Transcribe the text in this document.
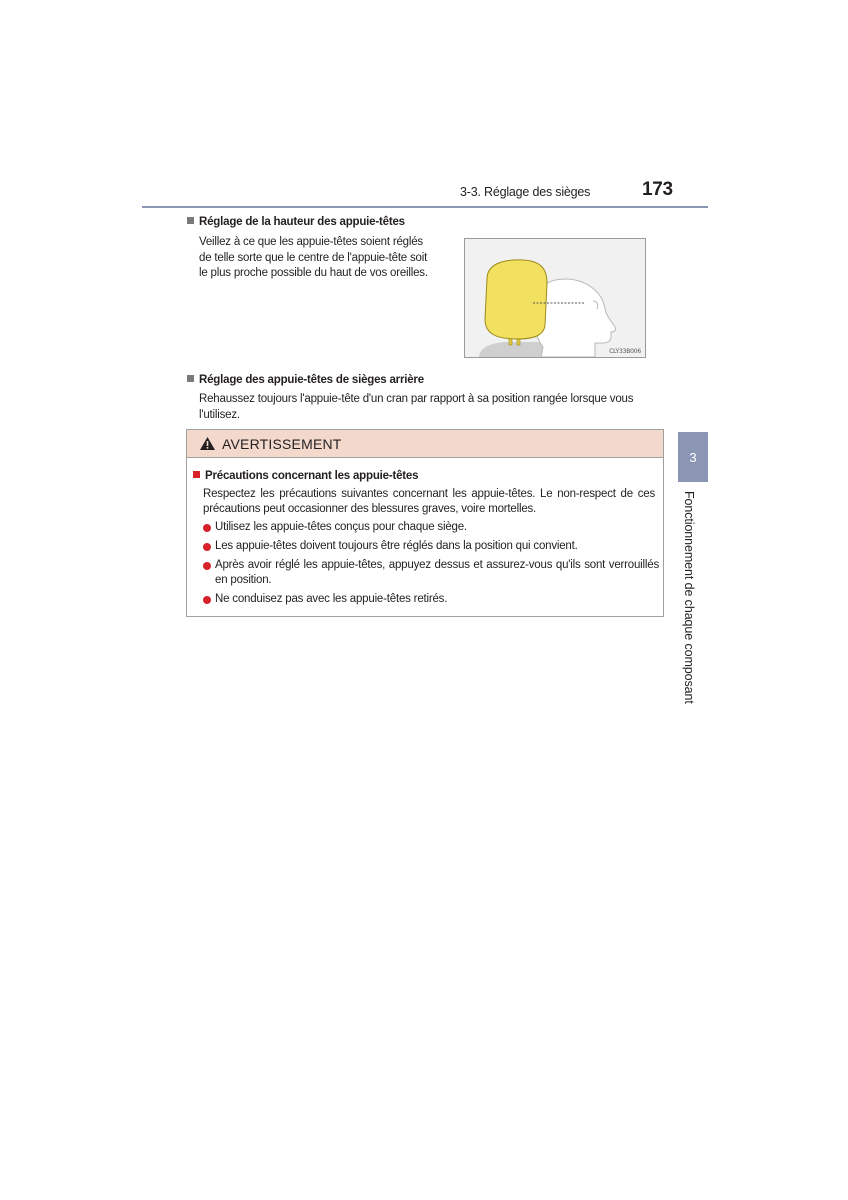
3-3. Réglage des sièges	173
Réglage de la hauteur des appuie-têtes
Veillez à ce que les appuie-têtes soient réglés
de telle sorte que le centre de l'appuie-tête soit
le plus proche possible du haut de vos oreilles.
CLY33B006
Réglage des appuie-têtes de sièges arrière
Rehaussez toujours l'appuie-tête d'un cran par rapport à sa position rangée lorsque vous l'utilisez.
AVERTISSEMENT
Précautions concernant les appuie-têtes
Respectez les précautions suivantes concernant les appuie-têtes. Le non-respect de ces précautions peut occasionner des blessures graves, voire mortelles.
Utilisez les appuie-têtes conçus pour chaque siège.
Les appuie-têtes doivent toujours être réglés dans la position qui convient.
Après avoir réglé les appuie-têtes, appuyez dessus et assurez-vous qu'ils sont verrouillés en position.
Ne conduisez pas avec les appuie-têtes retirés.
3
Fonctionnement de chaque composant
